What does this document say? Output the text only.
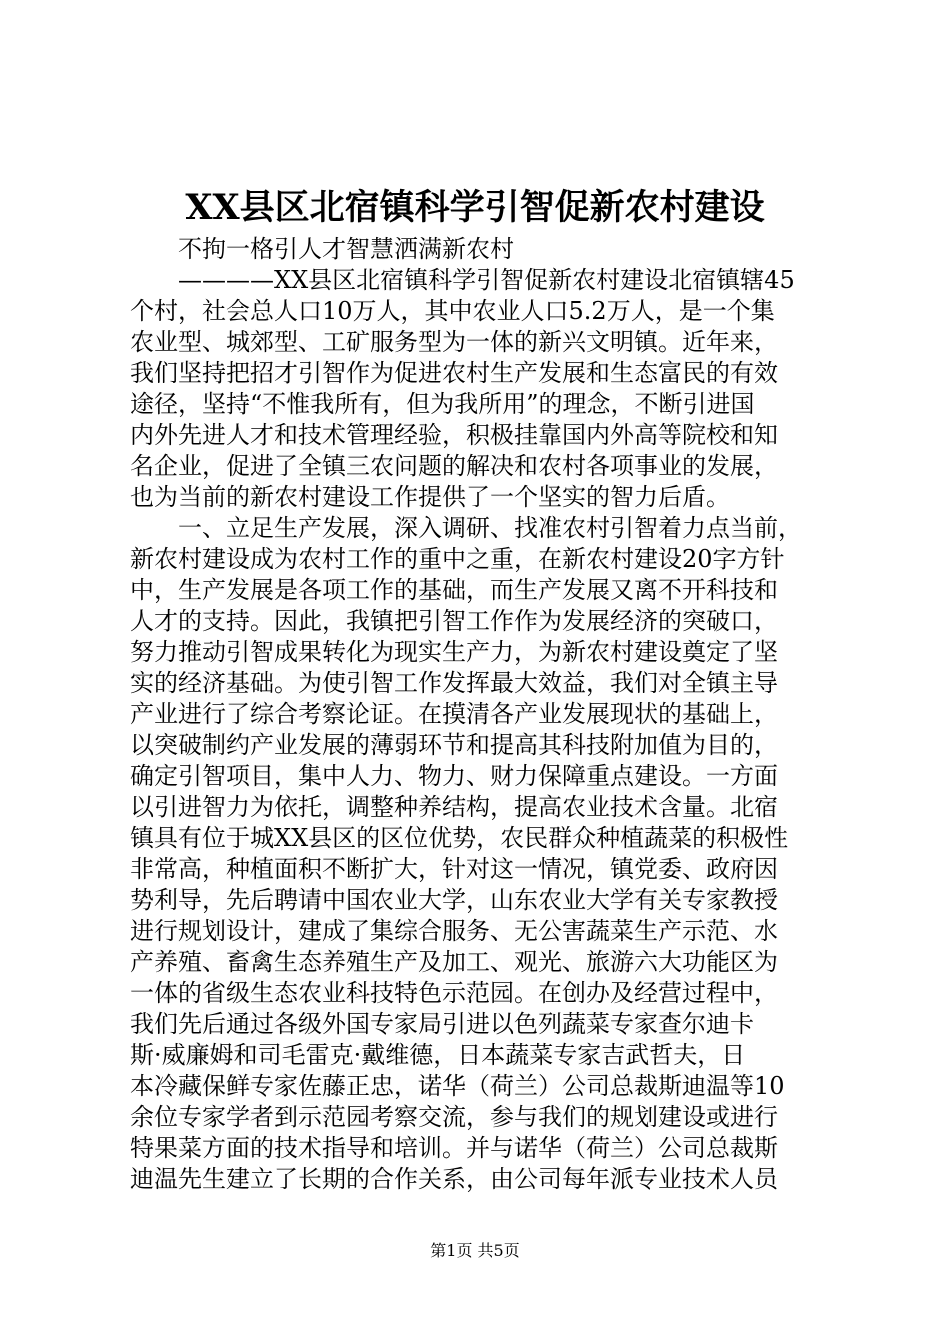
XX县区北宿镇科学引智促新农村建设
　　不拘一格引人才智慧洒满新农村
　　————XX县区北宿镇科学引智促新农村建设北宿镇辖45
个村，社会总人口10万人，其中农业人口5.2万人，是一个集
农业型、城郊型、工矿服务型为一体的新兴文明镇。近年来，
我们坚持把招才引智作为促进农村生产发展和生态富民的有效
途径，坚持“不惟我所有，但为我所用”的理念，不断引进国
内外先进人才和技术管理经验，积极挂靠国内外高等院校和知
名企业，促进了全镇三农问题的解决和农村各项事业的发展，
也为当前的新农村建设工作提供了一个坚实的智力后盾。
　　一、立足生产发展，深入调研、找准农村引智着力点当前，
新农村建设成为农村工作的重中之重，在新农村建设20字方针
中，生产发展是各项工作的基础，而生产发展又离不开科技和
人才的支持。因此，我镇把引智工作作为发展经济的突破口，
努力推动引智成果转化为现实生产力，为新农村建设奠定了坚
实的经济基础。为使引智工作发挥最大效益，我们对全镇主导
产业进行了综合考察论证。在摸清各产业发展现状的基础上，
以突破制约产业发展的薄弱环节和提高其科技附加值为目的，
确定引智项目，集中人力、物力、财力保障重点建设。一方面
以引进智力为依托，调整种养结构，提高农业技术含量。北宿
镇具有位于城XX县区的区位优势，农民群众种植蔬菜的积极性
非常高，种植面积不断扩大，针对这一情况，镇党委、政府因
势利导，先后聘请中国农业大学，山东农业大学有关专家教授
进行规划设计，建成了集综合服务、无公害蔬菜生产示范、水
产养殖、畜禽生态养殖生产及加工、观光、旅游六大功能区为
一体的省级生态农业科技特色示范园。在创办及经营过程中，
我们先后通过各级外国专家局引进以色列蔬菜专家查尔迪卡
斯·威廉姆和司毛雷克·戴维德，日本蔬菜专家吉武哲夫，日
本冷藏保鲜专家佐藤正忠，诺华（荷兰）公司总裁斯迪温等10
余位专家学者到示范园考察交流，参与我们的规划建设或进行
特果菜方面的技术指导和培训。并与诺华（荷兰）公司总裁斯
迪温先生建立了长期的合作关系，由公司每年派专业技术人员
第1页 共5页
